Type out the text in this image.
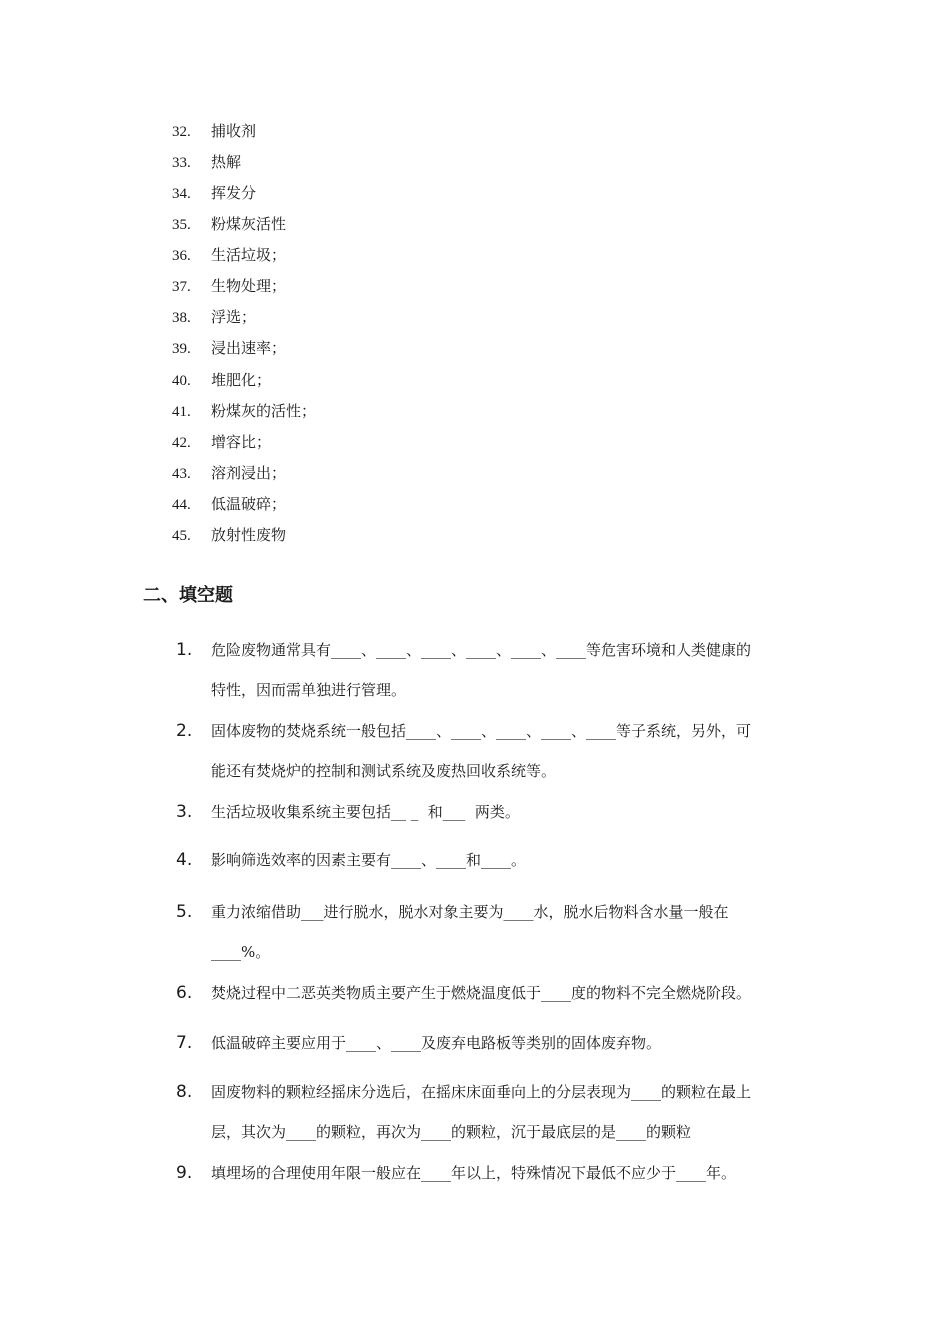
32. 捕收剂
33. 热解
34. 挥发分
35. 粉煤灰活性
36. 生活垃圾；
37. 生物处理；
38. 浮选；
39. 浸出速率；
40. 堆肥化；
41. 粉煤灰的活性；
42. 增容比；
43. 溶剂浸出；
44. 低温破碎；
45. 放射性废物
二、填空题
1. 危险废物通常具有____、____、____、____、____、____等危害环境和人类健康的
特性，因而需单独进行管理。
2. 固体废物的焚烧系统一般包括____、____、____、____、____等子系统，另外，可
能还有焚烧炉的控制和测试系统及废热回收系统等。
3. 生活垃圾收集系统主要包括__ _  和___  两类。
4. 影响筛选效率的因素主要有____、____和____。
5. 重力浓缩借助___进行脱水，脱水对象主要为____水，脱水后物料含水量一般在
____%。
6. 焚烧过程中二恶英类物质主要产生于燃烧温度低于____度的物料不完全燃烧阶段。
7. 低温破碎主要应用于____、____及废弃电路板等类别的固体废弃物。
8. 固废物料的颗粒经摇床分选后，在摇床床面垂向上的分层表现为____的颗粒在最上
层，其次为____的颗粒，再次为____的颗粒，沉于最底层的是____的颗粒
9. 填埋场的合理使用年限一般应在____年以上，特殊情况下最低不应少于____年。
